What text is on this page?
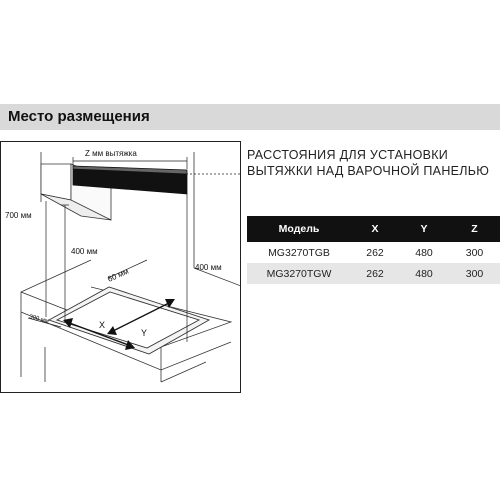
Место размещения
Z мм вытяжка
700 мм
400 мм
400 мм
60 мм
300 мм
X
Y
РАССТОЯНИЯ ДЛЯ УСТАНОВКИ
ВЫТЯЖКИ НАД ВАРОЧНОЙ ПАНЕЛЬЮ
Модель	X	Y	Z
MG3270TGB	262	480	300
MG3270TGW	262	480	300
